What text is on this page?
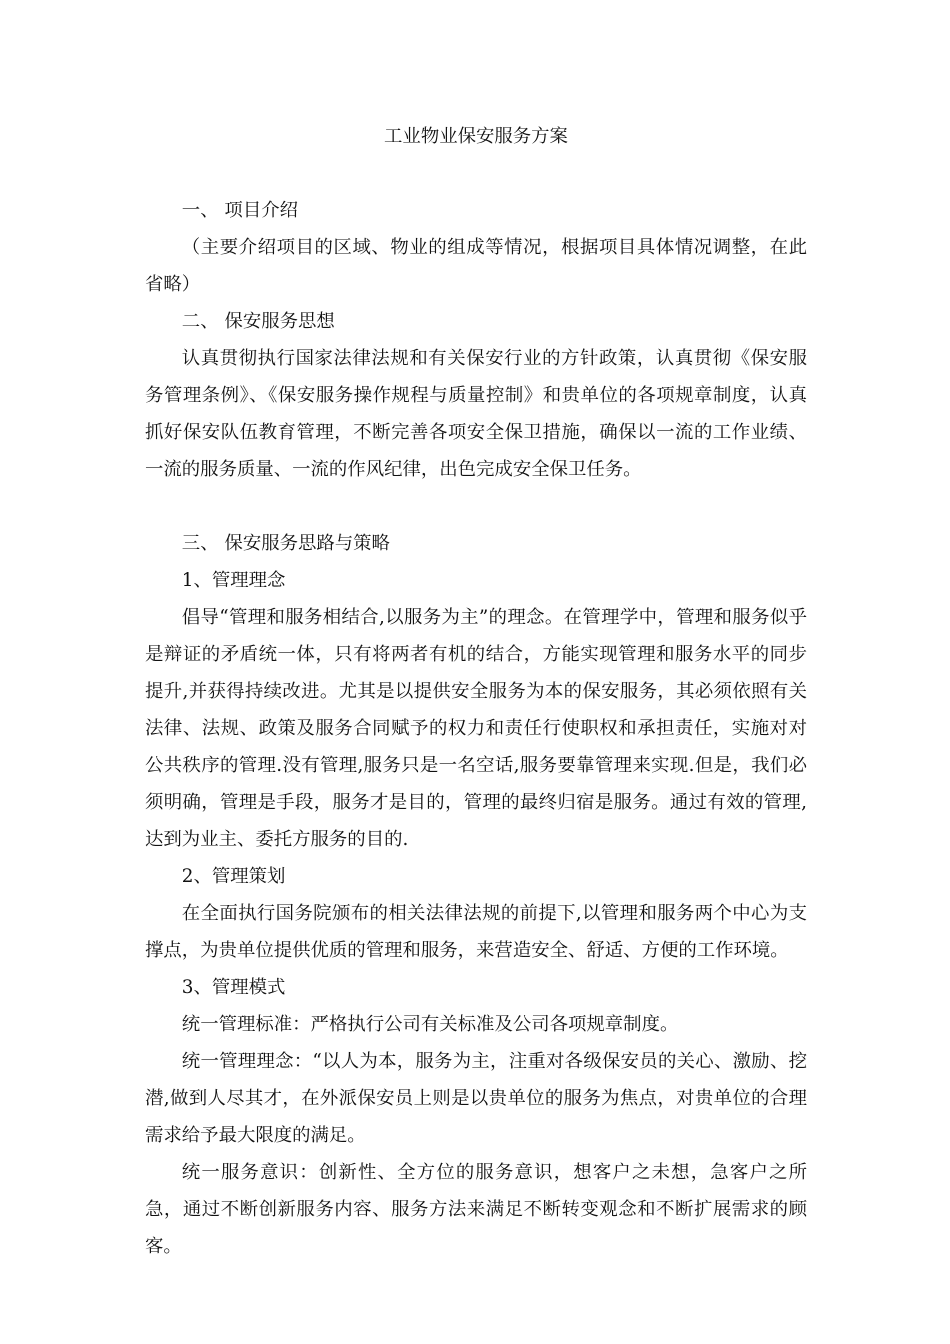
工业物业保安服务方案
一、 项目介绍
（主要介绍项目的区域、物业的组成等情况，根据项目具体情况调整，在此省略）
二、 保安服务思想
认真贯彻执行国家法律法规和有关保安行业的方针政策，认真贯彻《保安服务管理条例》、《保安服务操作规程与质量控制》和贵单位的各项规章制度，认真抓好保安队伍教育管理，不断完善各项安全保卫措施，确保以一流的工作业绩、一流的服务质量、一流的作风纪律，出色完成安全保卫任务。
三、 保安服务思路与策略
1、管理理念
倡导“管理和服务相结合,以服务为主”的理念。在管理学中，管理和服务似乎是辩证的矛盾统一体，只有将两者有机的结合，方能实现管理和服务水平的同步提升,并获得持续改进。尤其是以提供安全服务为本的保安服务，其必须依照有关法律、法规、政策及服务合同赋予的权力和责任行使职权和承担责任，实施对对公共秩序的管理.没有管理,服务只是一名空话,服务要靠管理来实现.但是，我们必须明确，管理是手段，服务才是目的，管理的最终归宿是服务。通过有效的管理,达到为业主、委托方服务的目的.
2、管理策划
在全面执行国务院颁布的相关法律法规的前提下,以管理和服务两个中心为支撑点，为贵单位提供优质的管理和服务，来营造安全、舒适、方便的工作环境。
3、管理模式
统一管理标准：严格执行公司有关标准及公司各项规章制度。
统一管理理念：“以人为本，服务为主，注重对各级保安员的关心、激励、挖潜,做到人尽其才，在外派保安员上则是以贵单位的服务为焦点，对贵单位的合理需求给予最大限度的满足。
统一服务意识：创新性、全方位的服务意识，想客户之未想，急客户之所急，通过不断创新服务内容、服务方法来满足不断转变观念和不断扩展需求的顾客。
